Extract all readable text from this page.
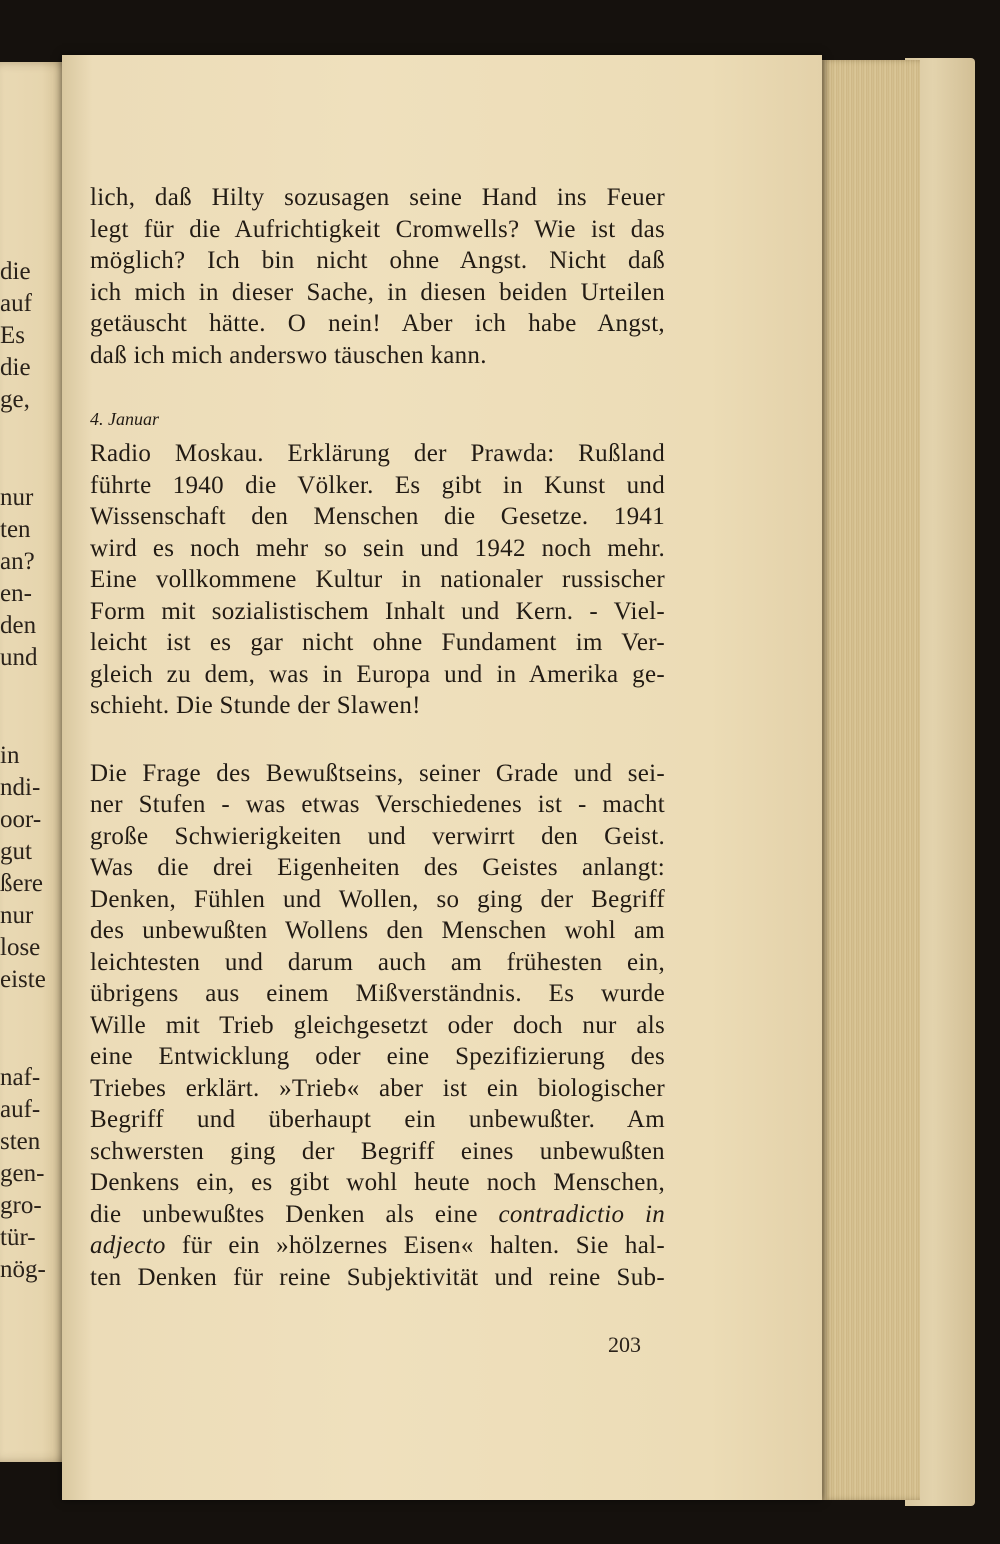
die
auf
Es
die
ge,
nur
ten
an?
en-
den
und
in
ndi-
oor-
gut
ßere
nur
lose
eiste
naf-
auf-
sten
gen-
gro-
tür-
nög-

lich, daß Hilty sozusagen seine Hand ins Feuer
legt für die Aufrichtigkeit Cromwells? Wie ist das
möglich? Ich bin nicht ohne Angst. Nicht daß
ich mich in dieser Sache, in diesen beiden Urteilen
getäuscht hätte. O nein! Aber ich habe Angst,
daß ich mich anderswo täuschen kann.

4. Januar

Radio Moskau. Erklärung der Prawda: Rußland
führte 1940 die Völker. Es gibt in Kunst und
Wissenschaft den Menschen die Gesetze. 1941
wird es noch mehr so sein und 1942 noch mehr.
Eine vollkommene Kultur in nationaler russischer
Form mit sozialistischem Inhalt und Kern. - Viel-
leicht ist es gar nicht ohne Fundament im Ver-
gleich zu dem, was in Europa und in Amerika ge-
schieht. Die Stunde der Slawen!

Die Frage des Bewußtseins, seiner Grade und sei-
ner Stufen - was etwas Verschiedenes ist - macht
große Schwierigkeiten und verwirrt den Geist.
Was die drei Eigenheiten des Geistes anlangt:
Denken, Fühlen und Wollen, so ging der Begriff
des unbewußten Wollens den Menschen wohl am
leichtesten und darum auch am frühesten ein,
übrigens aus einem Mißverständnis. Es wurde
Wille mit Trieb gleichgesetzt oder doch nur als
eine Entwicklung oder eine Spezifizierung des
Triebes erklärt. »Trieb« aber ist ein biologischer
Begriff und überhaupt ein unbewußter. Am
schwersten ging der Begriff eines unbewußten
Denkens ein, es gibt wohl heute noch Menschen,
die unbewußtes Denken als eine contradictio in
adjecto für ein »hölzernes Eisen« halten. Sie hal-
ten Denken für reine Subjektivität und reine Sub-

203
